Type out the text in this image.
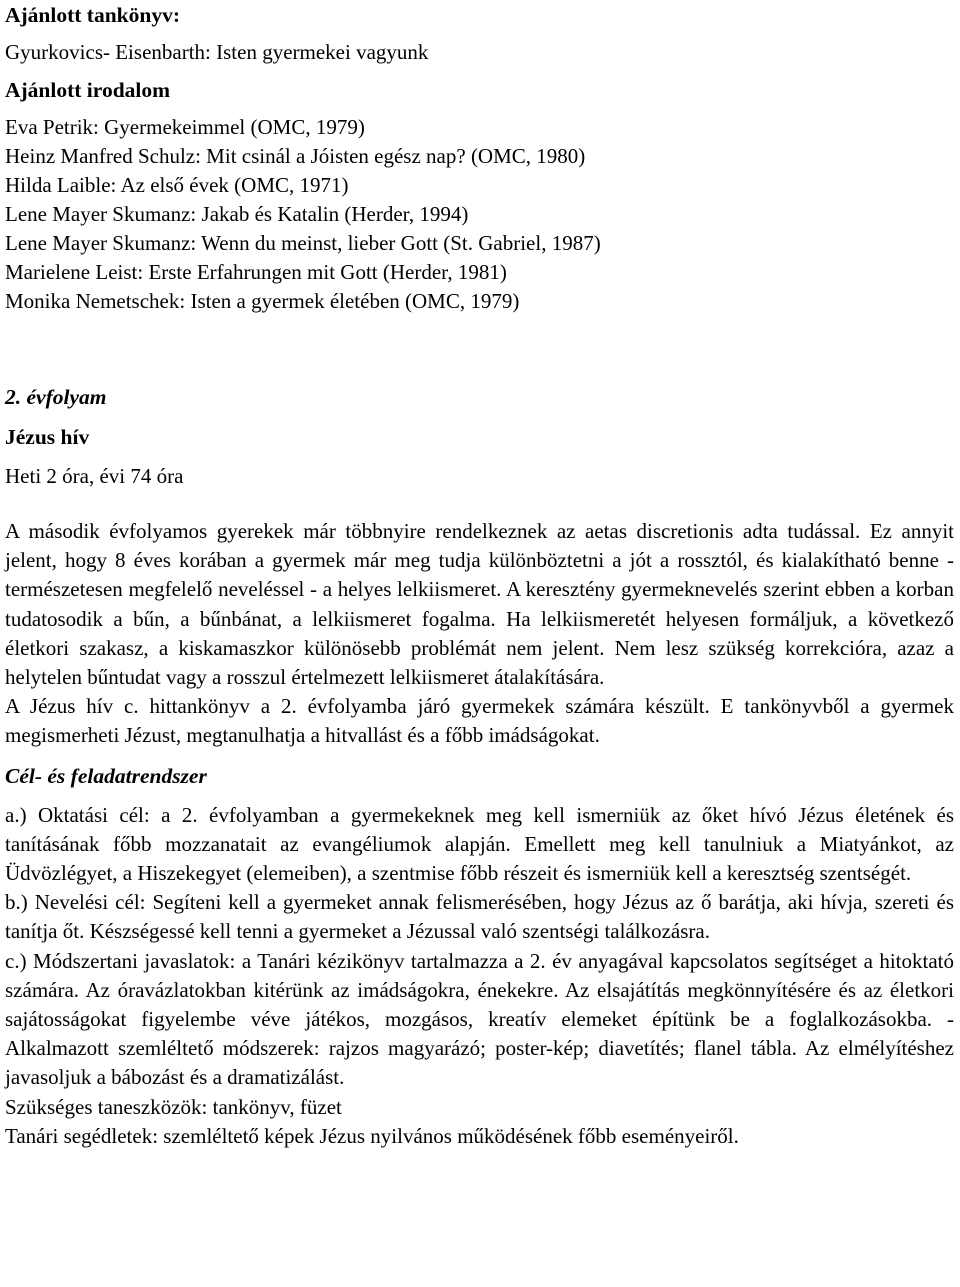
Ajánlott tankönyv:
Gyurkovics- Eisenbarth: Isten gyermekei vagyunk
Ajánlott irodalom
Eva Petrik: Gyermekeimmel (OMC, 1979)
Heinz Manfred Schulz: Mit csinál a Jóisten egész nap? (OMC, 1980)
Hilda Laible: Az első évek (OMC, 1971)
Lene Mayer Skumanz: Jakab és Katalin (Herder, 1994)
Lene Mayer Skumanz: Wenn du meinst, lieber Gott (St. Gabriel, 1987)
Marielene Leist: Erste Erfahrungen mit Gott (Herder, 1981)
Monika Nemetschek: Isten a gyermek életében (OMC, 1979)
2. évfolyam
Jézus hív
Heti 2 óra, évi 74 óra

A második évfolyamos gyerekek már többnyire rendelkeznek az aetas discretionis adta tudással. Ez annyit jelent, hogy 8 éves korában a gyermek már meg tudja különböztetni a jót a rossztól, és kialakítható benne - természetesen megfelelő neveléssel - a helyes lelkiismeret. A keresztény gyermeknevelés szerint ebben a korban tudatosodik a bűn, a bűnbánat, a lelkiismeret fogalma. Ha lelkiismeretét helyesen formáljuk, a következő életkori szakasz, a kiskamaszkor különösebb problémát nem jelent. Nem lesz szükség korrekcióra, azaz a helytelen bűntudat vagy a rosszul értelmezett lelkiismeret átalakítására.

A Jézus hív c. hittankönyv a 2. évfolyamba járó gyermekek számára készült. E tankönyvből a gyermek megismerheti Jézust, megtanulhatja a hitvallást és a főbb imádságokat.

Cél- és feladatrendszer

a.) Oktatási cél: a 2. évfolyamban a gyermekeknek meg kell ismerniük az őket hívó Jézus életének és tanításának főbb mozzanatait az evangéliumok alapján. Emellett meg kell tanulniuk a Miatyánkot, az Üdvözlégyet, a Hiszekegyet (elemeiben), a szentmise főbb részeit és ismerniük kell a keresztség szentségét.

b.) Nevelési cél: Segíteni kell a gyermeket annak felismerésében, hogy Jézus az ő barátja, aki hívja, szereti és tanítja őt. Készségessé kell tenni a gyermeket a Jézussal való szentségi találkozásra.

c.) Módszertani javaslatok: a Tanári kézikönyv tartalmazza a 2. év anyagával kapcsolatos segítséget a hitoktató számára. Az óravázlatokban kitérünk az imádságokra, énekekre. Az elsajátítás megkönnyítésére és az életkori sajátosságokat figyelembe véve játékos, mozgásos, kreatív elemeket építünk be a foglalkozásokba. - Alkalmazott szemléltető módszerek: rajzos magyarázó; poster-kép; diavetítés; flanel tábla. Az elmélyítéshez javasoljuk a bábozást és a dramatizálást.

Szükséges taneszközök: tankönyv, füzet

Tanári segédletek: szemléltető képek Jézus nyilvános működésének főbb eseményeiről.
